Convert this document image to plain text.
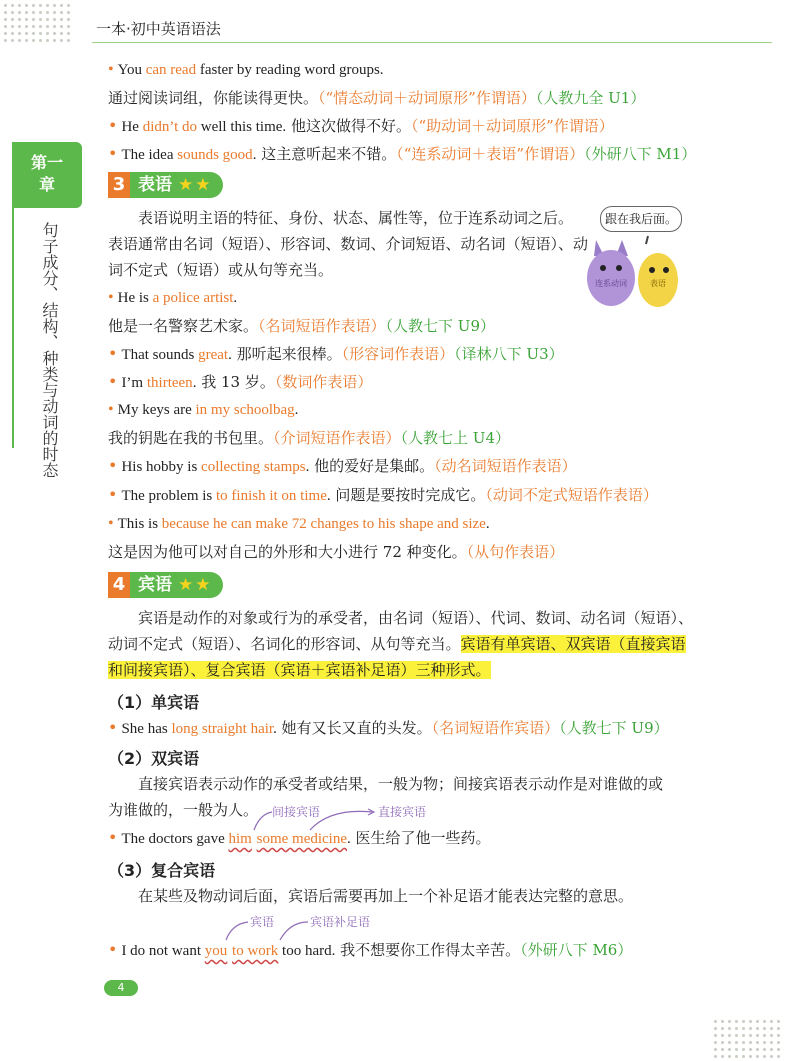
一本·初中英语语法
第一
章
句子成分、结构、种类与动词的时态
• You can read faster by reading word groups.
通过阅读词组，你能读得更快。（“情态动词＋动词原形”作谓语）（人教九全 U1）
• He didn’t do well this time. 他这次做得不好。（“助动词＋动词原形”作谓语）
• The idea sounds good. 这主意听起来不错。（“连系动词＋表语”作谓语）（外研八下 M1）
3 表语 ★ ★
表语说明主语的特征、身份、状态、属性等，位于连系动词之后。
表语通常由名词（短语）、形容词、数词、介词短语、动名词（短语）、动
词不定式（短语）或从句等充当。
跟在我后面。
连系动词	表语
• He is a police artist.
他是一名警察艺术家。（名词短语作表语）（人教七下 U9）
• That sounds great. 那听起来很棒。（形容词作表语）（译林八下 U3）
• I’m thirteen. 我 13 岁。（数词作表语）
• My keys are in my schoolbag.
我的钥匙在我的书包里。（介词短语作表语）（人教七上 U4）
• His hobby is collecting stamps. 他的爱好是集邮。（动名词短语作表语）
• The problem is to finish it on time. 问题是要按时完成它。（动词不定式短语作表语）
• This is because he can make 72 changes to his shape and size.
这是因为他可以对自己的外形和大小进行 72 种变化。（从句作表语）
4 宾语 ★ ★
宾语是动作的对象或行为的承受者，由名词（短语）、代词、数词、动名词（短语）、
动词不定式（短语）、名词化的形容词、从句等充当。宾语有单宾语、双宾语（直接宾语
和间接宾语）、复合宾语（宾语＋宾语补足语）三种形式。
（1）单宾语
• She has long straight hair. 她有又长又直的头发。（名词短语作宾语）（人教七下 U9）
（2）双宾语
直接宾语表示动作的承受者或结果，一般为物；间接宾语表示动作是对谁做的或
为谁做的，一般为人。 间接宾语	直接宾语
• The doctors gave him some medicine. 医生给了他一些药。
（3）复合宾语
在某些及物动词后面，宾语后需要再加上一个补足语才能表达完整的意思。
宾语	宾语补足语
• I do not want you to work too hard. 我不想要你工作得太辛苦。（外研八下 M6）
4
